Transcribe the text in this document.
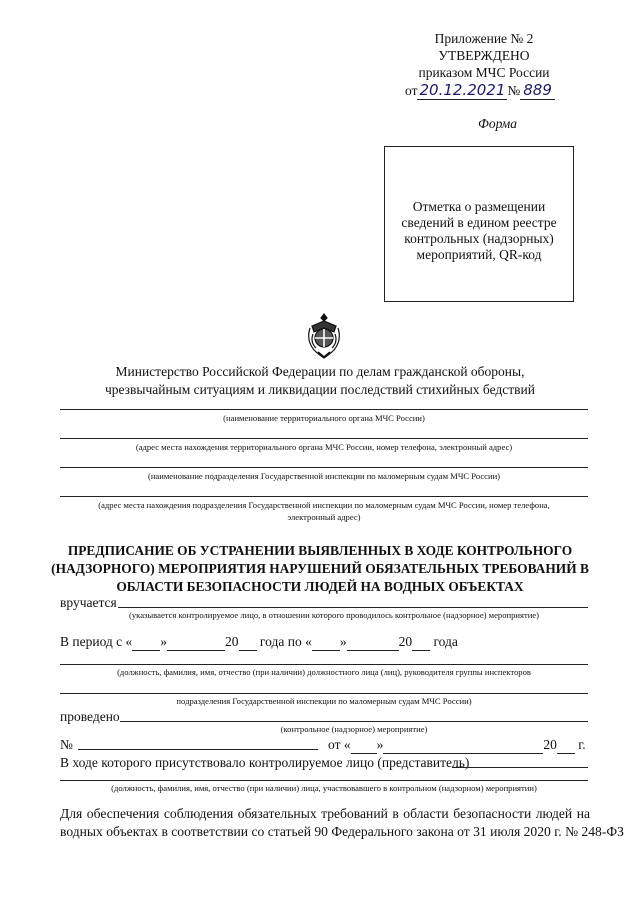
Приложение № 2
УТВЕРЖДЕНО
приказом МЧС России
от 20.12.2021 № 889
Форма
Отметка о размещении сведений в едином реестре контрольных (надзорных) мероприятий, QR-код
Министерство Российской Федерации по делам гражданской обороны,
чрезвычайным ситуациям и ликвидации последствий стихийных бедствий
(наименование территориального органа МЧС России)
(адрес места нахождения территориального органа МЧС России, номер телефона, электронный адрес)
(наименование подразделения Государственной инспекции по маломерным судам МЧС России)
(адрес места нахождения подразделения Государственной инспекции по маломерным судам МЧС России, номер телефона,
электронный адрес)
ПРЕДПИСАНИЕ ОБ УСТРАНЕНИИ ВЫЯВЛЕННЫХ В ХОДЕ КОНТРОЛЬНОГО
(НАДЗОРНОГО) МЕРОПРИЯТИЯ НАРУШЕНИЙ ОБЯЗАТЕЛЬНЫХ ТРЕБОВАНИЙ В
ОБЛАСТИ БЕЗОПАСНОСТИ ЛЮДЕЙ НА ВОДНЫХ ОБЪЕКТАХ
вручается
(указывается контролируемое лицо, в отношении которого проводилось контрольное (надзорное) мероприятие)
В период с « »	20 года по « »	20 года
(должность, фамилия, имя, отчество (при наличии) должностного лица (лиц), руководителя группы инспекторов
подразделения Государственной инспекции по маломерным судам МЧС России)
проведено
(контрольное (надзорное) мероприятие)
№	от « »	20 г.
В ходе которого присутствовало контролируемое лицо (представитель)
(должность, фамилия, имя, отчество (при наличии) лица, участвовавшего в контрольном (надзорном) мероприятии)
Для обеспечения соблюдения обязательных требований в области безопасности людей на
водных объектах в соответствии со статьей 90 Федерального закона от 31 июля 2020 г. № 248-ФЗ
